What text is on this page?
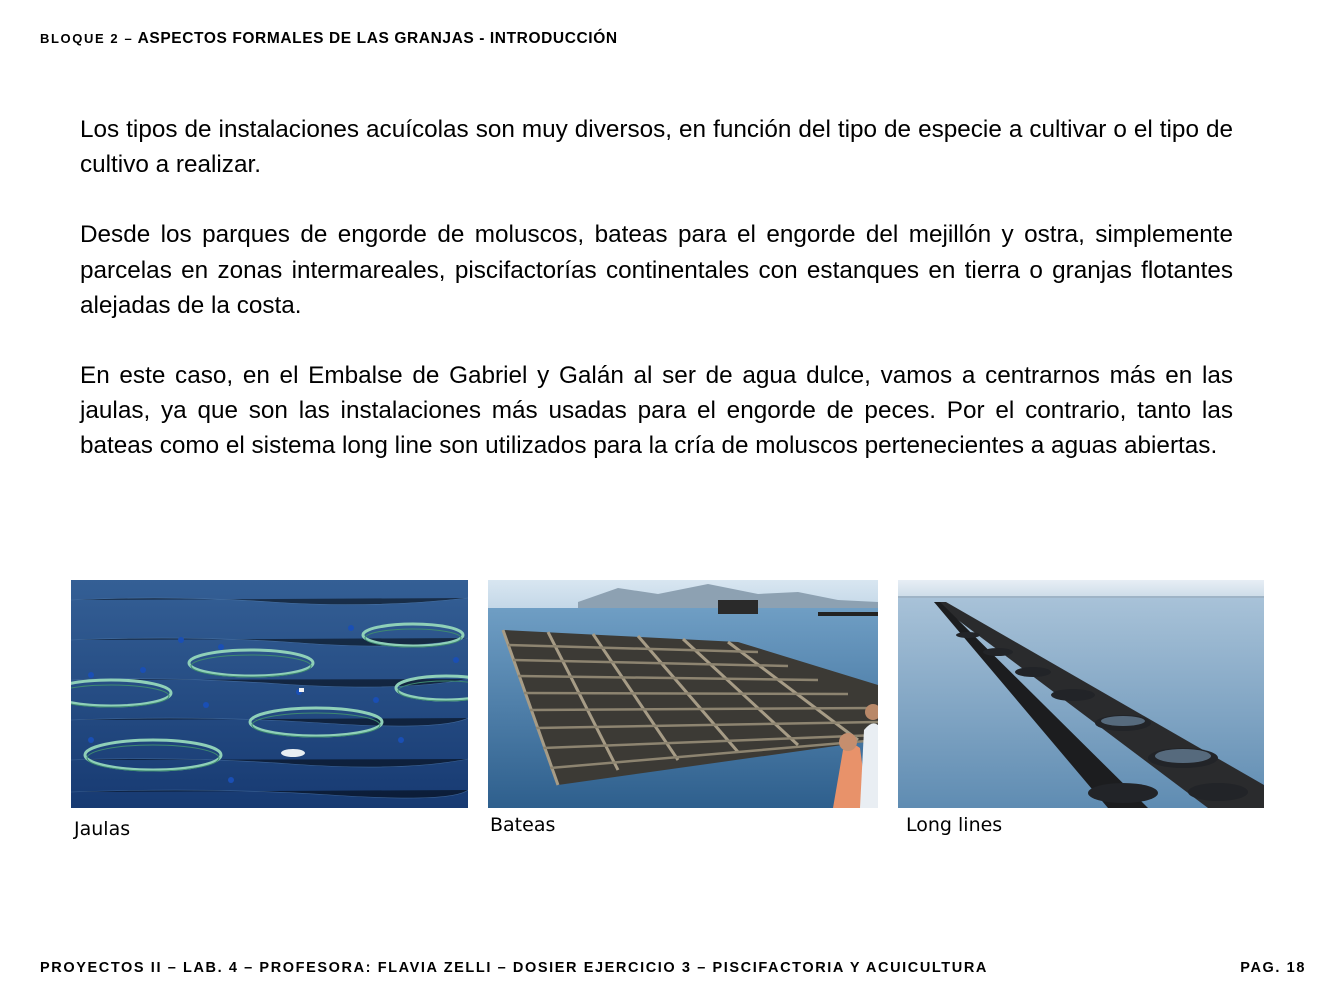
BLOQUE 2 – ASPECTOS FORMALES DE LAS GRANJAS - INTRODUCCIÓN

Los tipos de instalaciones acuícolas son muy diversos, en función del tipo de especie a cultivar o el tipo de cultivo a realizar.

Desde los parques de engorde de moluscos, bateas para el engorde del mejillón y ostra, simplemente parcelas en zonas intermareales, piscifactorías continentales con estanques en tierra o granjas flotantes alejadas de la costa.

En este caso, en el Embalse de Gabriel y Galán al ser de agua dulce, vamos a centrarnos más en las jaulas, ya que son las instalaciones más usadas para el engorde de peces. Por el contrario, tanto las bateas como el sistema long line son utilizados para la cría de moluscos pertenecientes a aguas abiertas.

Jaulas	Bateas	Long lines
PROYECTOS II – LAB. 4 – PROFESORA: FLAVIA ZELLI – DOSIER EJERCICIO 3 – PISCIFACTORIA Y ACUICULTURA	PAG. 18
